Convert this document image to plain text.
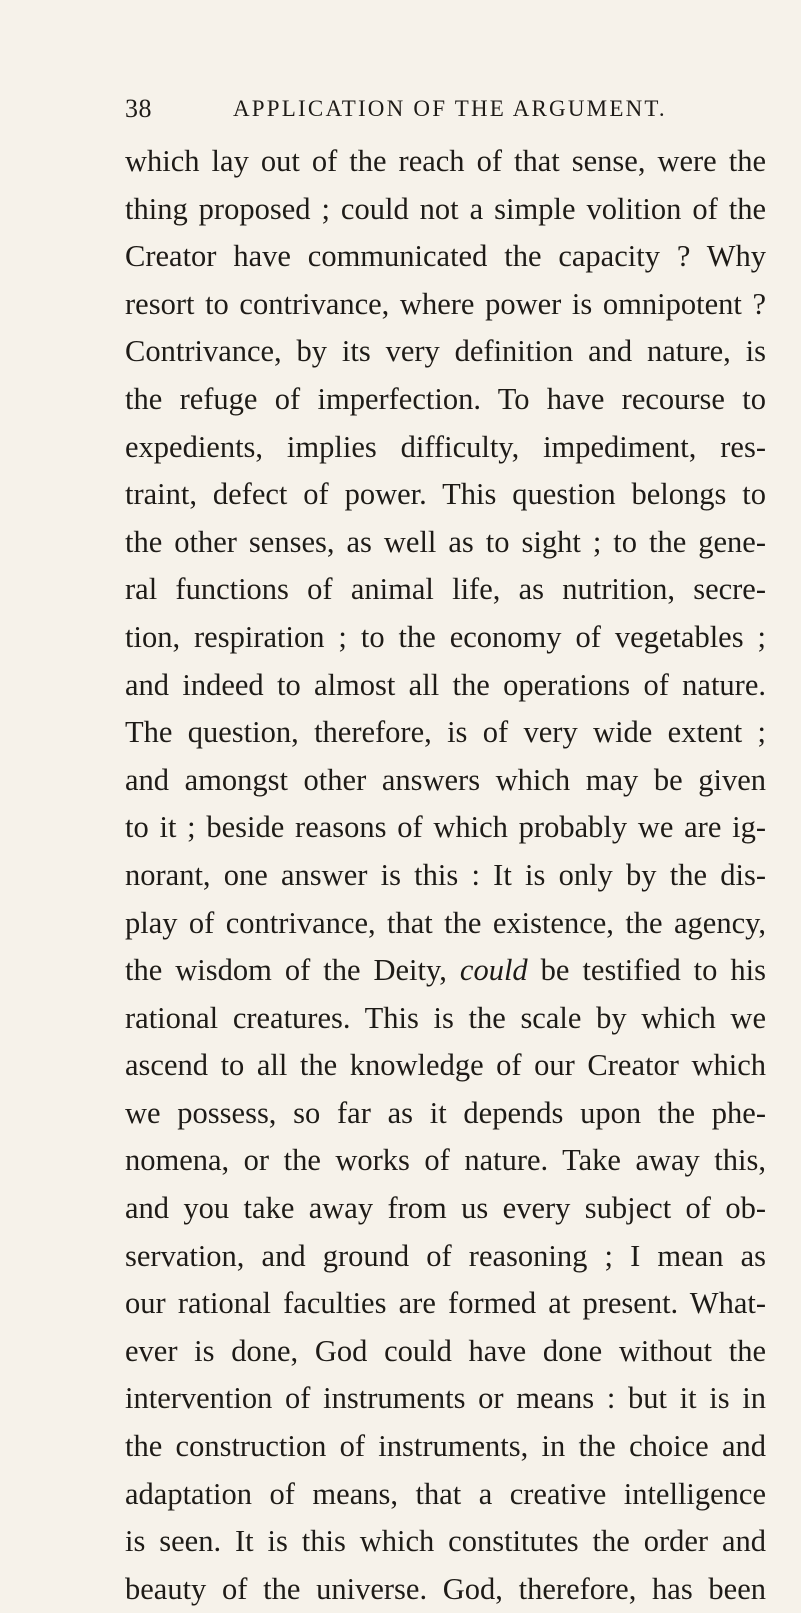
38	APPLICATION OF THE ARGUMENT.
which lay out of the reach of that sense, were the
thing proposed ; could not a simple volition of the
Creator have communicated the capacity ? Why
resort to contrivance, where power is omnipotent ?
Contrivance, by its very definition and nature, is
the refuge of imperfection. To have recourse to
expedients, implies difficulty, impediment, res-
traint, defect of power. This question belongs to
the other senses, as well as to sight ; to the gene-
ral functions of animal life, as nutrition, secre-
tion, respiration ; to the economy of vegetables ;
and indeed to almost all the operations of nature.
The question, therefore, is of very wide extent ;
and amongst other answers which may be given
to it ; beside reasons of which probably we are ig-
norant, one answer is this : It is only by the dis-
play of contrivance, that the existence, the agency,
the wisdom of the Deity, could be testified to his
rational creatures. This is the scale by which we
ascend to all the knowledge of our Creator which
we possess, so far as it depends upon the phe-
nomena, or the works of nature. Take away this,
and you take away from us every subject of ob-
servation, and ground of reasoning ; I mean as
our rational faculties are formed at present. What-
ever is done, God could have done without the
intervention of instruments or means : but it is in
the construction of instruments, in the choice and
adaptation of means, that a creative intelligence
is seen. It is this which constitutes the order and
beauty of the universe. God, therefore, has been
